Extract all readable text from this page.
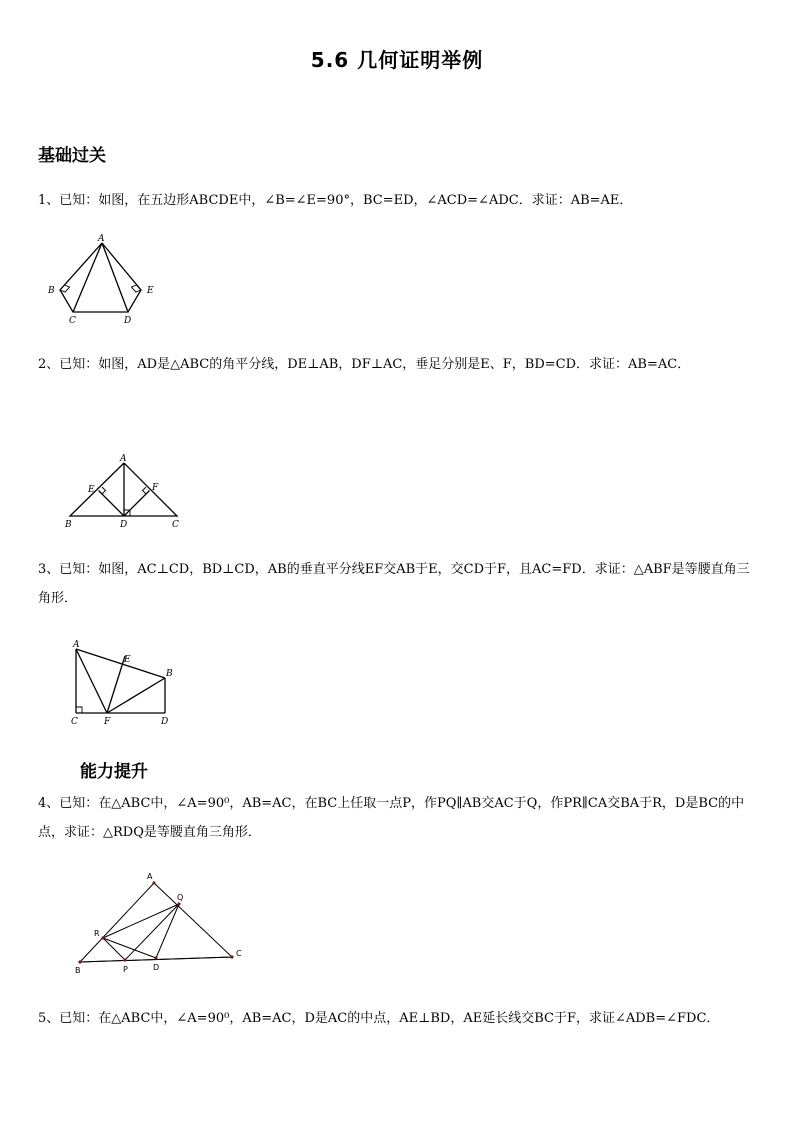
5.6 几何证明举例
基础过关
1、已知：如图，在五边形ABCDE中，∠B=∠E=90°，BC=ED，∠ACD=∠ADC．求证：AB=AE．
A
B
C	D
E
2、已知：如图，AD是△ABC的角平分线，DE⊥AB，DF⊥AC，垂足分别是E、F，BD=CD．求证：AB=AC．
A
B	D	C
E	F
3、已知：如图，AC⊥CD，BD⊥CD，AB的垂直平分线EF交AB于E，交CD于F，且AC=FD．求证：△ABF是等腰直角三角形．
A
B
C	F	D
E
能力提升
4、已知：在△ABC中，∠A=90⁰，AB=AC，在BC上任取一点P，作PQ∥AB交AC于Q，作PR∥CA交BA于R，D是BC的中点，求证：△RDQ是等腰直角三角形．
A
B
C
P	D
Q
R
5、已知：在△ABC中，∠A=90⁰，AB=AC，D是AC的中点，AE⊥BD，AE延长线交BC于F，求证∠ADB=∠FDC．
